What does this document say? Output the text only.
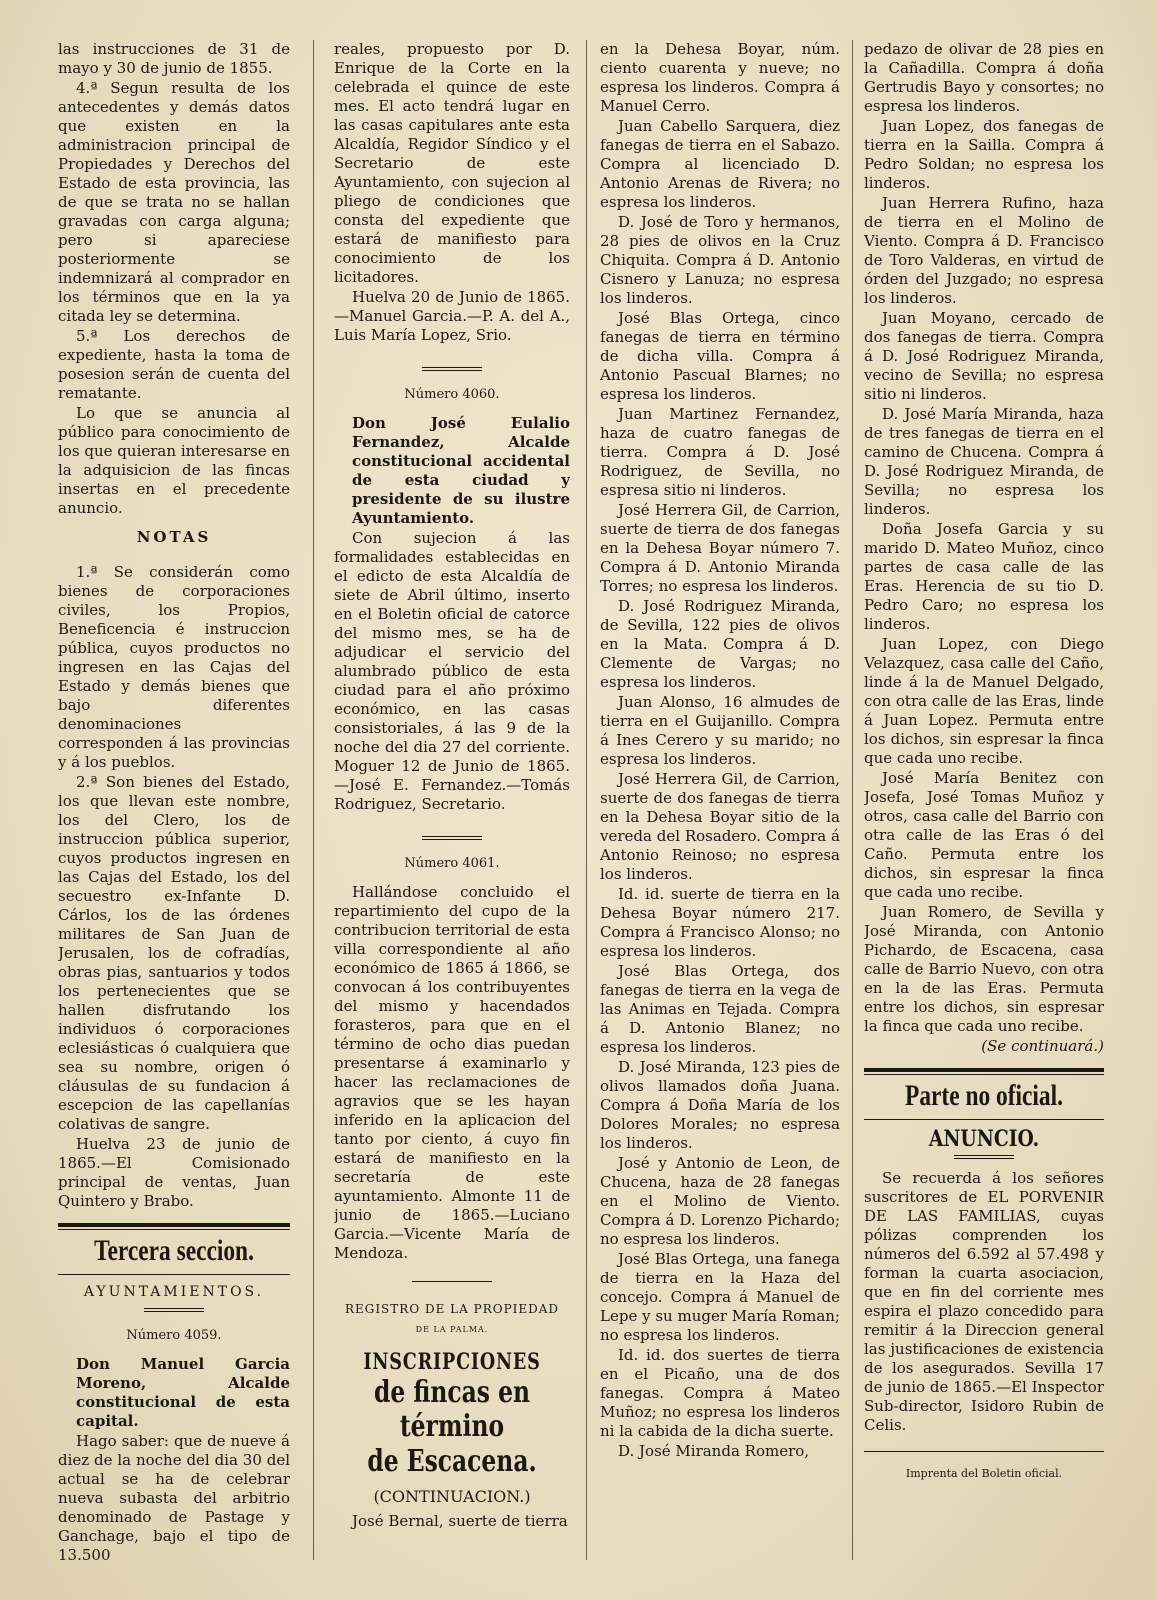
las instrucciones de 31 de mayo y 30 de junio de 1855.

4.ª Segun resulta de los antecedentes y demás datos que existen en la administracion principal de Propiedades y Derechos del Estado de esta provincia, las de que se trata no se hallan gravadas con carga alguna; pero si apareciese posteriormente se indemnizará al comprador en los términos que en la ya citada ley se determina.

5.ª Los derechos de expediente, hasta la toma de posesion serán de cuenta del rematante.

Lo que se anuncia al público para conocimiento de los que quieran interesarse en la adquisicion de las fincas insertas en el precedente anuncio.

NOTAS

1.ª Se considerán como bienes de corporaciones civiles, los Propios, Beneficencia é instruccion pública, cuyos productos no ingresen en las Cajas del Estado y demás bienes que bajo diferentes denominaciones corresponden á las provincias y á los pueblos.

2.ª Son bienes del Estado, los que llevan este nombre, los del Clero, los de instruccion pública superior, cuyos productos ingresen en las Cajas del Estado, los del secuestro ex-Infante D. Cárlos, los de las órdenes militares de San Juan de Jerusalen, los de cofradías, obras pias, santuarios y todos los pertenecientes que se hallen disfrutando los individuos ó corporaciones eclesiásticas ó cualquiera que sea su nombre, origen ó cláusulas de su fundacion á escepcion de las capellanías colativas de sangre.

Huelva 23 de junio de 1865.—El Comisionado principal de ventas, Juan Quintero y Brabo.

Tercera seccion.

AYUNTAMIENTOS.

Número 4059.

Don Manuel Garcia Moreno, Alcalde constitucional de esta capital.

Hago saber: que de nueve á diez de la noche del dia 30 del actual se ha de celebrar nueva subasta del arbitrio denominado de Pastage y Ganchage, bajo el tipo de 13.500

reales, propuesto por D. Enrique de la Corte en la celebrada el quince de este mes. El acto tendrá lugar en las casas capitulares ante esta Alcaldía, Regidor Síndico y el Secretario de este Ayuntamiento, con sujecion al pliego de condiciones que consta del expediente que estará de manifiesto para conocimiento de los licitadores.

Huelva 20 de Junio de 1865.—Manuel Garcia.—P. A. del A., Luis María Lopez, Srio.

Número 4060.

Don José Eulalio Fernandez, Alcalde constitucional accidental de esta ciudad y presidente de su ilustre Ayuntamiento.

Con sujecion á las formalidades establecidas en el edicto de esta Alcaldía de siete de Abril último, inserto en el Boletin oficial de catorce del mismo mes, se ha de adjudicar el servicio del alumbrado público de esta ciudad para el año próximo económico, en las casas consistoriales, á las 9 de la noche del dia 27 del corriente. Moguer 12 de Junio de 1865.—José E. Fernandez.—Tomás Rodriguez, Secretario.

Número 4061.

Hallándose concluido el repartimiento del cupo de la contribucion territorial de esta villa correspondiente al año económico de 1865 á 1866, se convocan á los contribuyentes del mismo y hacendados forasteros, para que en el término de ocho dias puedan presentarse á examinarlo y hacer las reclamaciones de agravios que se les hayan inferido en la aplicacion del tanto por ciento, á cuyo fin estará de manifiesto en la secretaría de este ayuntamiento. Almonte 11 de junio de 1865.—Luciano Garcia.—Vicente María de Mendoza.

REGISTRO DE LA PROPIEDAD

DE LA PALMA.

INSCRIPCIONES

de fincas en término

de Escacena.

(CONTINUACION.)

José Bernal, suerte de tierra

en la Dehesa Boyar, núm. ciento cuarenta y nueve; no espresa los linderos. Compra á Manuel Cerro.

Juan Cabello Sarquera, diez fanegas de tierra en el Sabazo. Compra al licenciado D. Antonio Arenas de Rivera; no espresa los linderos.

D. José de Toro y hermanos, 28 pies de olivos en la Cruz Chiquita. Compra á D. Antonio Cisnero y Lanuza; no espresa los linderos.

José Blas Ortega, cinco fanegas de tierra en término de dicha villa. Compra á Antonio Pascual Blarnes; no espresa los linderos.

Juan Martinez Fernandez, haza de cuatro fanegas de tierra. Compra á D. José Rodriguez, de Sevilla, no espresa sitio ni linderos.

José Herrera Gil, de Carrion, suerte de tierra de dos fanegas en la Dehesa Boyar número 7. Compra á D. Antonio Miranda Torres; no espresa los linderos.

D. José Rodriguez Miranda, de Sevilla, 122 pies de olivos en la Mata. Compra á D. Clemente de Vargas; no espresa los linderos.

Juan Alonso, 16 almudes de tierra en el Guijanillo. Compra á Ines Cerero y su marido; no espresa los linderos.

José Herrera Gil, de Carrion, suerte de dos fanegas de tierra en la Dehesa Boyar sitio de la vereda del Rosadero. Compra á Antonio Reinoso; no espresa los linderos.

Id. id. suerte de tierra en la Dehesa Boyar número 217. Compra á Francisco Alonso; no espresa los linderos.

José Blas Ortega, dos fanegas de tierra en la vega de las Animas en Tejada. Compra á D. Antonio Blanez; no espresa los linderos.

D. José Miranda, 123 pies de olivos llamados doña Juana. Compra á Doña María de los Dolores Morales; no espresa los linderos.

José y Antonio de Leon, de Chucena, haza de 28 fanegas en el Molino de Viento. Compra á D. Lorenzo Pichardo; no espresa los linderos.

José Blas Ortega, una fanega de tierra en la Haza del concejo. Compra á Manuel de Lepe y su muger María Roman; no espresa los linderos.

Id. id. dos suertes de tierra en el Picaño, una de dos fanegas. Compra á Mateo Muñoz; no espresa los linderos ni la cabida de la dicha suerte.

D. José Miranda Romero,

pedazo de olivar de 28 pies en la Cañadilla. Compra á doña Gertrudis Bayo y consortes; no espresa los linderos.

Juan Lopez, dos fanegas de tierra en la Sailla. Compra á Pedro Soldan; no espresa los linderos.

Juan Herrera Rufino, haza de tierra en el Molino de Viento. Compra á D. Francisco de Toro Valderas, en virtud de órden del Juzgado; no espresa los linderos.

Juan Moyano, cercado de dos fanegas de tierra. Compra á D. José Rodriguez Miranda, vecino de Sevilla; no espresa sitio ni linderos.

D. José María Miranda, haza de tres fanegas de tierra en el camino de Chucena. Compra á D. José Rodriguez Miranda, de Sevilla; no espresa los linderos.

Doña Josefa Garcia y su marido D. Mateo Muñoz, cinco partes de casa calle de las Eras. Herencia de su tio D. Pedro Caro; no espresa los linderos.

Juan Lopez, con Diego Velazquez, casa calle del Caño, linde á la de Manuel Delgado, con otra calle de las Eras, linde á Juan Lopez. Permuta entre los dichos, sin espresar la finca que cada uno recibe.

José María Benitez con Josefa, José Tomas Muñoz y otros, casa calle del Barrio con otra calle de las Eras ó del Caño. Permuta entre los dichos, sin espresar la finca que cada uno recibe.

Juan Romero, de Sevilla y José Miranda, con Antonio Pichardo, de Escacena, casa calle de Barrio Nuevo, con otra en la de las Eras. Permuta entre los dichos, sin espresar la finca que cada uno recibe.

(Se continuará.)

Parte no oficial.

ANUNCIO.

Se recuerda á los señores suscritores de EL PORVENIR DE LAS FAMILIAS, cuyas pólizas comprenden los números del 6.592 al 57.498 y forman la cuarta asociacion, que en fin del corriente mes espira el plazo concedido para remitir á la Direccion general las justificaciones de existencia de los asegurados. Sevilla 17 de junio de 1865.—El Inspector Sub-director, Isidoro Rubin de Celis.

Imprenta del Boletin oficial.
